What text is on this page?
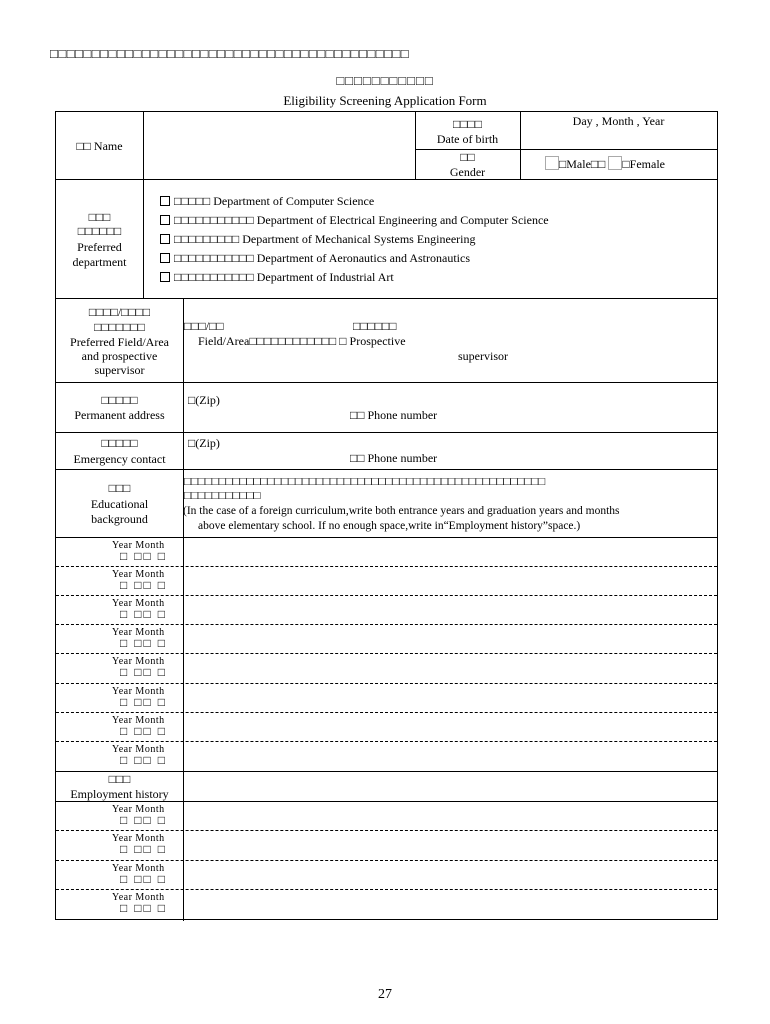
□□□□□□□□□□□□□□□□□□□□□□□□□□□□□□□□□□□□□□□□□□□
□□□□□□□□□□□
Eligibility Screening Application Form
□□ Name
□□□□
Date of birth
Day , Month , Year
□□
Gender
□Male□□ □Female
□□□
□□□□□□
Preferred
department
□□□□□ Department of Computer Science
□□□□□□□□□□□ Department of Electrical Engineering and Computer Science
□□□□□□□□□ Department of Mechanical Systems Engineering
□□□□□□□□□□□ Department of Aeronautics and Astronautics
□□□□□□□□□□□ Department of Industrial Art
□□□□/□□□□
□□□□□□□
Preferred Field/Area
and prospective
supervisor
□□□/□□	□□□□□□
Field/Area□□□□□□□□□□□□ □ Prospective
supervisor
□□□□□
Permanent address
□(Zip)
□□ Phone number
□□□□□
Emergency contact
□(Zip)
□□ Phone number
□□□
Educational
background
□□□□□□□□□□□□□□□□□□□□□□□□□□□□□□□□□□□□□□□□□□□□□□□□□□□□
□□□□□□□□□□□
(In the case of a foreign curriculum,write both entrance years and graduation years and months
above elementary school. If no enough space,write in“Employment history”space.)
Year Month
□ □□ □
Year Month
□ □□ □
Year Month
□ □□ □
Year Month
□ □□ □
Year Month
□ □□ □
Year Month
□ □□ □
Year Month
□ □□ □
Year Month
□ □□ □
□□□
Employment history
Year Month
□ □□ □
Year Month
□ □□ □
Year Month
□ □□ □
Year Month
□ □□ □
27
